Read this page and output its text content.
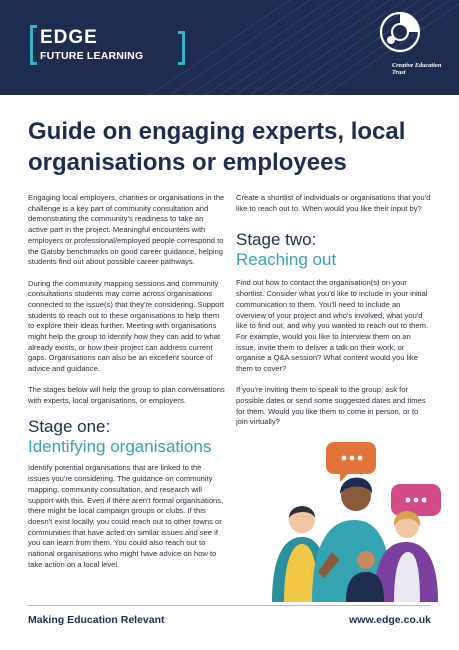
EDGE
FUTURE LEARNING
Creative Education Trust
Guide on engaging experts, local organisations or employees

Engaging local employers, charities or organisations in the challenge is a key part of community consultation and demonstrating the community's readiness to take an active part in the project. Meaningful encounters with employers or professional/employed people correspond to the Gatsby benchmarks on good career guidance, helping students find out about possible career pathways.

During the community mapping sessions and community consultations students may come across organisations connected to the issue(s) that they're considering. Support students to reach out to these organisations to help them to explore their ideas further. Meeting with organisations might help the group to identify how they can add to what already exists, or how their project can address current gaps. Organisations can also be an excellent source of advice and guidance.

The stages below will help the group to plan conversations with experts, local organisations, or employers.

Stage one:
Identifying organisations

Identify potential organisations that are linked to the issues you're considering. The guidance on community mapping, community consultation, and research will support with this. Even if there aren't formal organisations, there might be local campaign groups or clubs. If this doesn't exist locally, you could reach out to other towns or communities that have acted on similar issues and see if you can learn from them. You could also reach out to national organisations who might have advice on how to take action on a local level.

Create a shortlist of individuals or organisations that you'd like to reach out to. When would you like their input by?

Stage two:
Reaching out

Find out how to contact the organisation(s) on your shortlist. Consider what you'd like to include in your initial communication to them. You'll need to include an overview of your project and who's involved, what you'd like to find out, and why you wanted to reach out to them. For example, would you like to interview them on an issue, invite them to deliver a talk on their work, or organise a Q&A session? What content would you like them to cover?

If you're inviting them to speak to the group, ask for possible dates or send some suggested dates and times for them. Would you like them to come in person, or to join virtually?

Making Education Relevant	www.edge.co.uk
